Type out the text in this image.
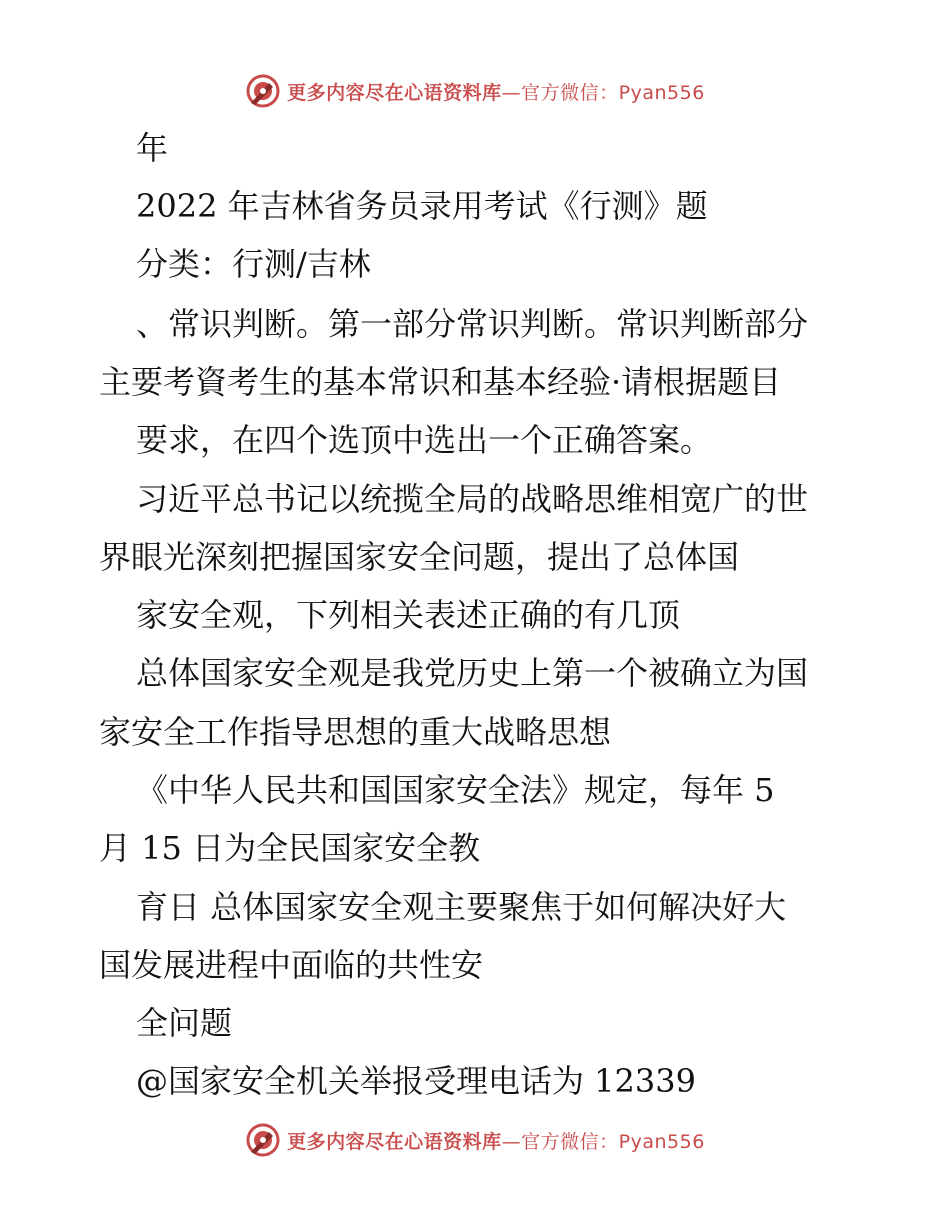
更多内容尽在心语资料库—官方微信：Pyan556
年
2022 年吉林省务员录用考试《行测》题
分类：行测/吉林
、常识判断。第一部分常识判断。常识判断部分
主要考資考生的基本常识和基本经验·请根据题目
要求，在四个选顶中选出一个正确答案。
习近平总书记以统揽全局的战略思维相宽广的世
界眼光深刻把握国家安全问题，提出了总体国
家安全观，下列相关表述正确的有几顶
总体国家安全观是我党历史上第一个被确立为国
家安全工作指导思想的重大战略思想
《中华人民共和国国家安全法》规定，每年 5
月 15 日为全民国家安全教
育日 总体国家安全观主要聚焦于如何解决好大
国发展进程中面临的共性安
全问题
@国家安全机关举报受理电话为 12339
更多内容尽在心语资料库—官方微信：Pyan556
